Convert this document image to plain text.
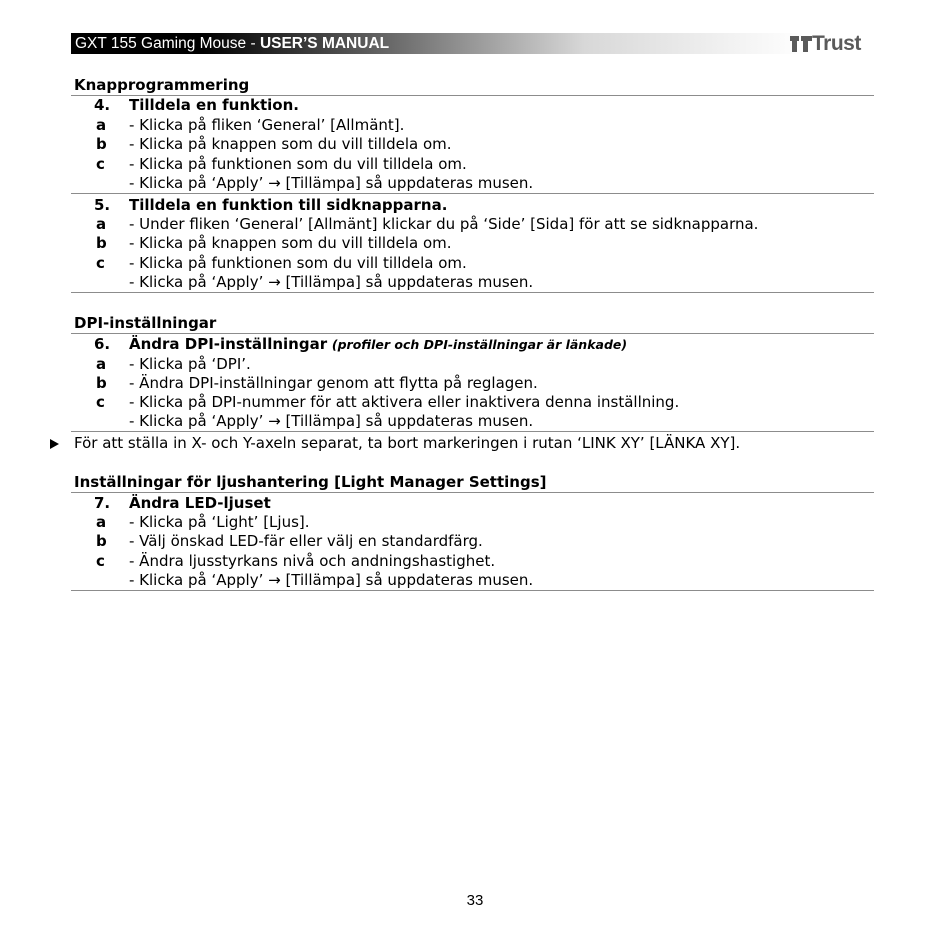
GXT 155 Gaming Mouse - USER’S MANUAL	Trust
Knapprogrammering
4. Tilldela en funktion.
a - Klicka på fliken ‘General’ [Allmänt].
b - Klicka på knappen som du vill tilldela om.
c - Klicka på funktionen som du vill tilldela om.
- Klicka på ‘Apply’ → [Tillämpa] så uppdateras musen.
5. Tilldela en funktion till sidknapparna.
a - Under fliken ‘General’ [Allmänt] klickar du på ‘Side’ [Sida] för att se sidknapparna.
b - Klicka på knappen som du vill tilldela om.
c - Klicka på funktionen som du vill tilldela om.
- Klicka på ‘Apply’ → [Tillämpa] så uppdateras musen.
DPI-inställningar
6. Ändra DPI-inställningar (profiler och DPI-inställningar är länkade)
a - Klicka på ‘DPI’.
b - Ändra DPI-inställningar genom att flytta på reglagen.
c - Klicka på DPI-nummer för att aktivera eller inaktivera denna inställning.
- Klicka på ‘Apply’ → [Tillämpa] så uppdateras musen.
För att ställa in X- och Y-axeln separat, ta bort markeringen i rutan ‘LINK XY’ [LÄNKA XY].
Inställningar för ljushantering [Light Manager Settings]
7. Ändra LED-ljuset
a - Klicka på ‘Light’ [Ljus].
b - Välj önskad LED-fär eller välj en standardfärg.
c - Ändra ljusstyrkans nivå och andningshastighet.
- Klicka på ‘Apply’ → [Tillämpa] så uppdateras musen.
33
